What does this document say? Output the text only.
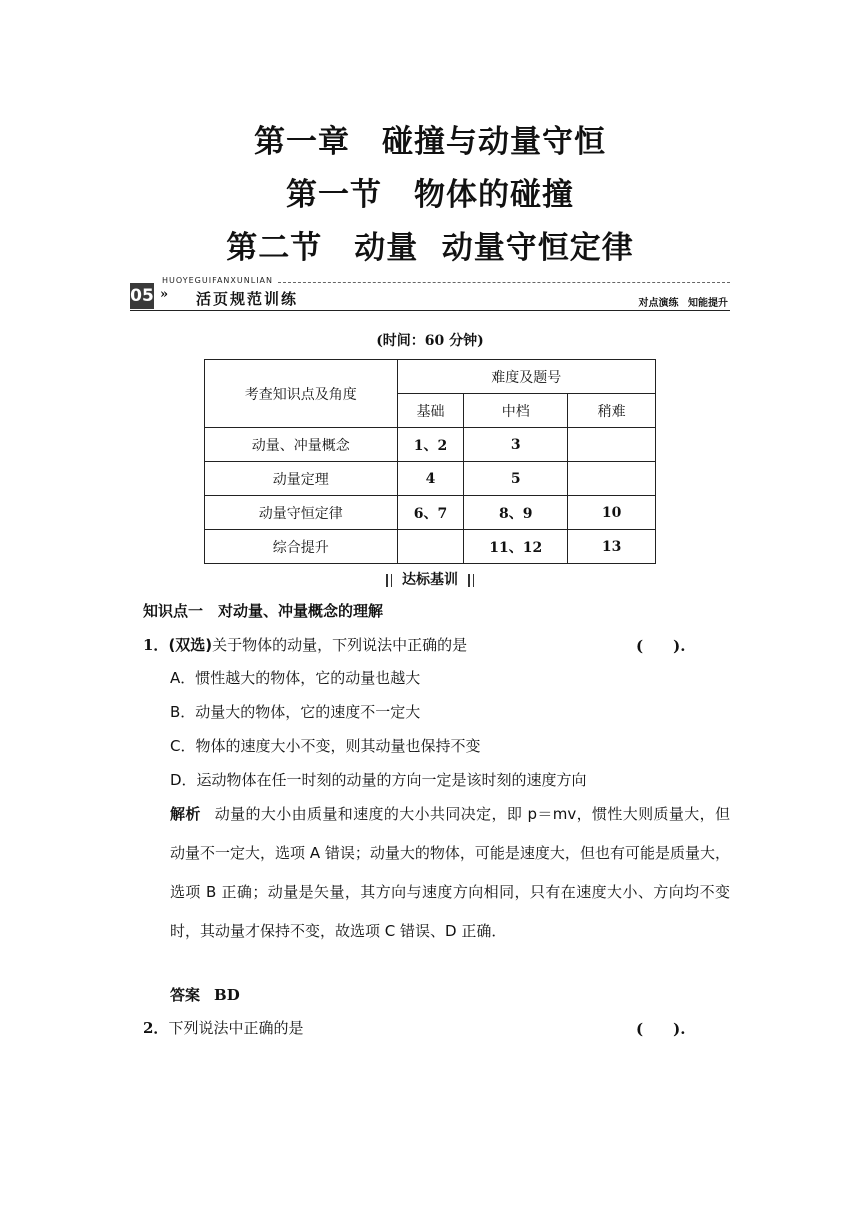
第一章　碰撞与动量守恒
第一节　物体的碰撞
第二节　动量  动量守恒定律
HUOYEGUIFANXUNLIAN
05 » 活页规范训练	对点演练 知能提升
(时间：60 分钟)
考查知识点及角度	难度及题号		
	基础	中档	稍难
动量、冲量概念	1、2	3	
动量定理	4	5	
动量守恒定律	6、7	8、9	10
综合提升		11、12	13
达标基训
知识点一　对动量、冲量概念的理解
1．(双选)关于物体的动量，下列说法中正确的是	(　　).
A．惯性越大的物体，它的动量也越大
B．动量大的物体，它的速度不一定大
C．物体的速度大小不变，则其动量也保持不变
D．运动物体在任一时刻的动量的方向一定是该时刻的速度方向
解析 动量的大小由质量和速度的大小共同决定，即 p＝mv，惯性大则质量大，但动量不一定大，选项 A 错误；动量大的物体，可能是速度大，但也有可能是质量大，选项 B 正确；动量是矢量，其方向与速度方向相同，只有在速度大小、方向均不变时，其动量才保持不变，故选项 C 错误、D 正确．
答案 BD
2．下列说法中正确的是	(　　).
